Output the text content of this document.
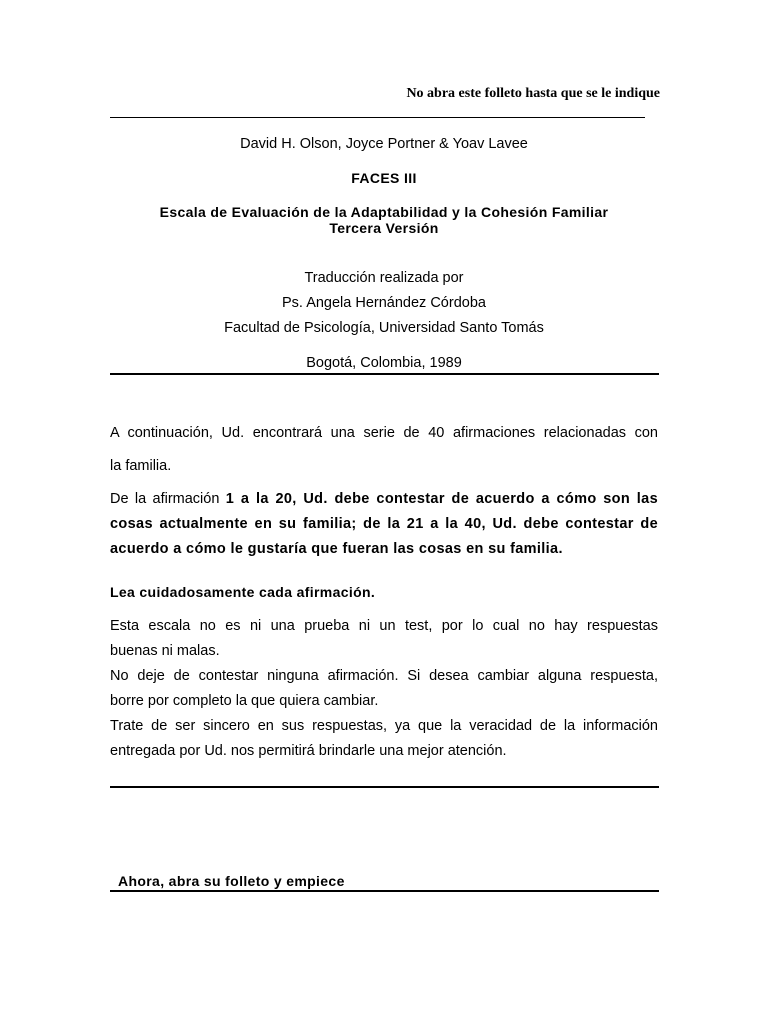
No abra este folleto hasta que se le indique
David H. Olson, Joyce Portner & Yoav Lavee
FACES III
Escala de Evaluación de la Adaptabilidad y la Cohesión Familiar
Tercera Versión
Traducción realizada por
Ps. Angela Hernández Córdoba
Facultad de Psicología, Universidad Santo Tomás
Bogotá, Colombia, 1989
A continuación, Ud. encontrará una serie de 40 afirmaciones relacionadas con
la familia.
De la afirmación 1 a la 20, Ud. debe contestar de acuerdo a cómo son las
cosas actualmente en su familia; de la 21 a la 40, Ud. debe contestar de
acuerdo a cómo le gustaría que fueran las cosas en su familia.
Lea cuidadosamente cada afirmación.
Esta escala no es ni una prueba ni un test, por lo cual no hay respuestas
buenas ni malas.
No deje de contestar ninguna afirmación. Si desea cambiar alguna respuesta,
borre por completo la que quiera cambiar.
Trate de ser sincero en sus respuestas, ya que la veracidad de la información
entregada por Ud. nos permitirá brindarle una mejor atención.
Ahora, abra su folleto y empiece
